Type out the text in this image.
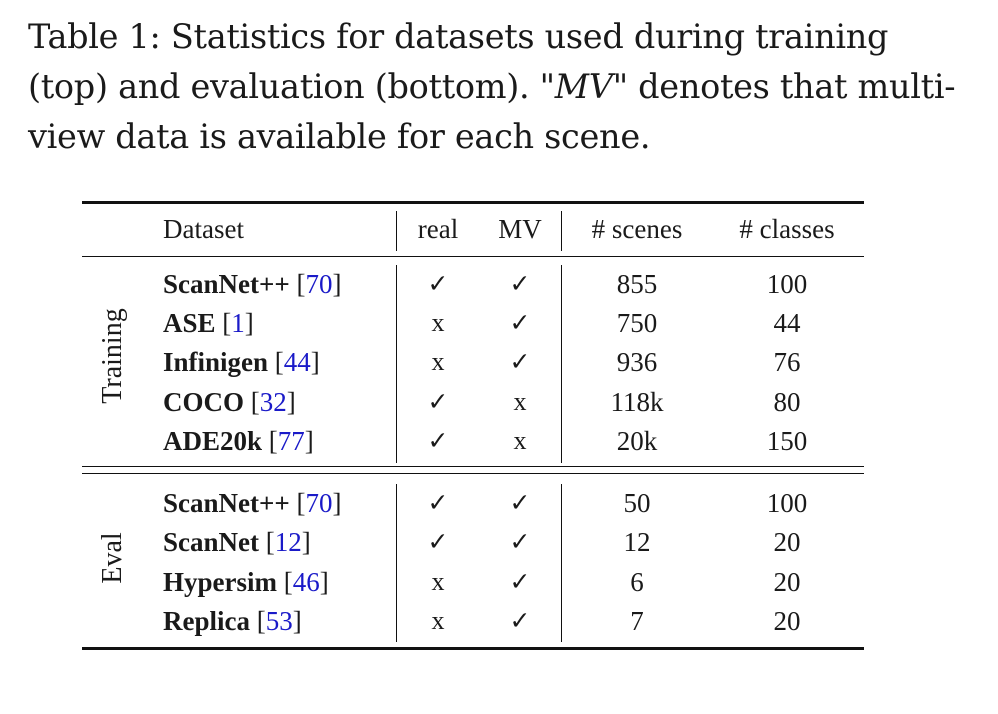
Table 1: Statistics for datasets used during training (top) and evaluation (bottom). "MV" denotes that multi-view data is available for each scene.
Dataset	real	MV	# scenes	# classes
Training
Eval
ScanNet++ [70]	✓	✓	855	100
ASE [1]	x	✓	750	44
Infinigen [44]	x	✓	936	76
COCO [32]	✓	x	118k	80
ADE20k [77]	✓	x	20k	150
ScanNet++ [70]	✓	✓	50	100
ScanNet [12]	✓	✓	12	20
Hypersim [46]	x	✓	6	20
Replica [53]	x	✓	7	20
